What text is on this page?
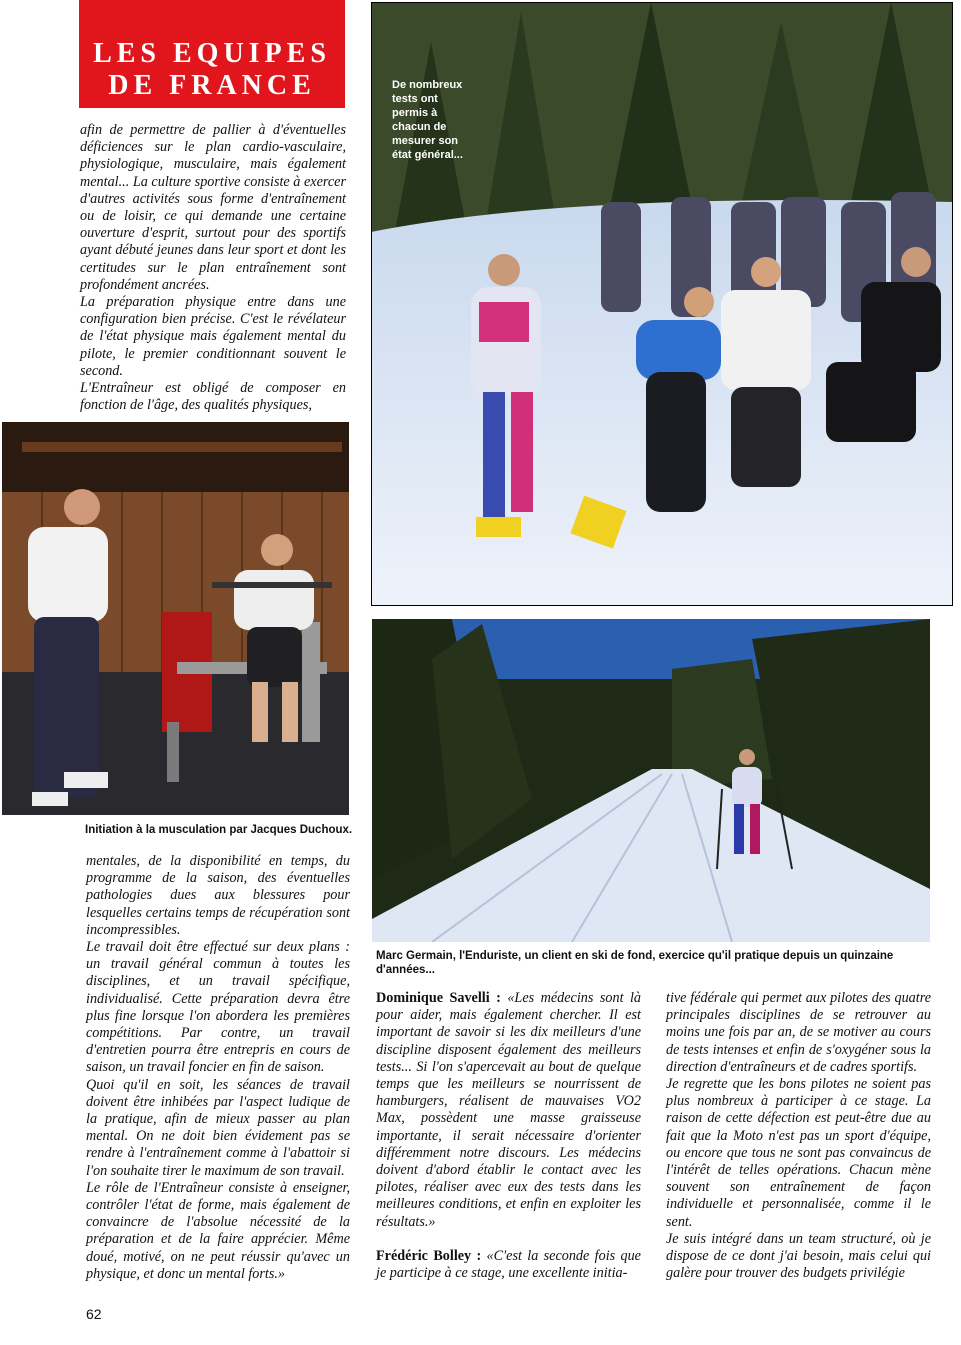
LES EQUIPES
DE FRANCE

afin de permettre de pallier à d'éventuelles déficiences sur le plan cardio-vasculaire, physiologique, musculaire, mais également mental... La culture sportive consiste à exercer d'autres activités sous forme d'entraînement ou de loisir, ce qui demande une certaine ouverture d'esprit, surtout pour des sportifs ayant débuté jeunes dans leur sport et dont les certitudes sur le plan entraînement sont profondément ancrées.

La préparation physique entre dans une configuration bien précise. C'est le révélateur de l'état physique mais également mental du pilote, le premier conditionnant souvent le second.

L'Entraîneur est obligé de composer en fonction de l'âge, des qualités physiques,

De nombreux tests ont permis à chacun de mesurer son état général...
Initiation à la musculation par Jacques Duchoux.
Marc Germain, l'Enduriste, un client en ski de fond, exercice qu'il pratique depuis un quinzaine d'années...

mentales, de la disponibilité en temps, du programme de la saison, des éventuelles pathologies dues aux blessures pour lesquelles certains temps de récupération sont incompressibles.

Le travail doit être effectué sur deux plans : un travail général commun à toutes les disciplines, et un travail spécifique, individualisé. Cette préparation devra être plus fine lorsque l'on abordera les premières compétitions. Par contre, un travail d'entretien pourra être entrepris en cours de saison, un travail foncier en fin de saison.

Quoi qu'il en soit, les séances de travail doivent être inhibées par l'aspect ludique de la pratique, afin de mieux passer au plan mental. On ne doit bien évidement pas se rendre à l'entraînement comme à l'abattoir si l'on souhaite tirer le maximum de son travail.

Le rôle de l'Entraîneur consiste à enseigner, contrôler l'état de forme, mais également de convaincre de l'absolue nécessité de la préparation et de la faire apprécier. Même doué, motivé, on ne peut réussir qu'avec un physique, et donc un mental forts.»

Dominique Savelli : «Les médecins sont là pour aider, mais également chercher. Il est important de savoir si les dix meilleurs d'une discipline disposent également des meilleurs tests... Si l'on s'apercevait au bout de quelque temps que les meilleurs se nourrissent de hamburgers, réalisent de mauvaises VO2 Max, possèdent une masse graisseuse importante, il serait nécessaire d'orienter différemment notre discours. Les médecins doivent d'abord établir le contact avec les pilotes, réaliser avec eux des tests dans les meilleures conditions, et enfin en exploiter les résultats.»

Frédéric Bolley : «C'est la seconde fois que je participe à ce stage, une excellente initia-

tive fédérale qui permet aux pilotes des quatre principales disciplines de se retrouver au moins une fois par an, de se motiver au cours de tests intenses et enfin de s'oxygéner sous la direction d'entraîneurs et de cadres sportifs.

Je regrette que les bons pilotes ne soient pas plus nombreux à participer à ce stage. La raison de cette défection est peut-être due au fait que la Moto n'est pas un sport d'équipe, ou encore que tous ne sont pas convaincus de l'intérêt de telles opérations. Chacun mène souvent son entraînement de façon individuelle et personnalisée, comme il le sent.

Je suis intégré dans un team structuré, où je dispose de ce dont j'ai besoin, mais celui qui galère pour trouver des budgets privilégie

62
